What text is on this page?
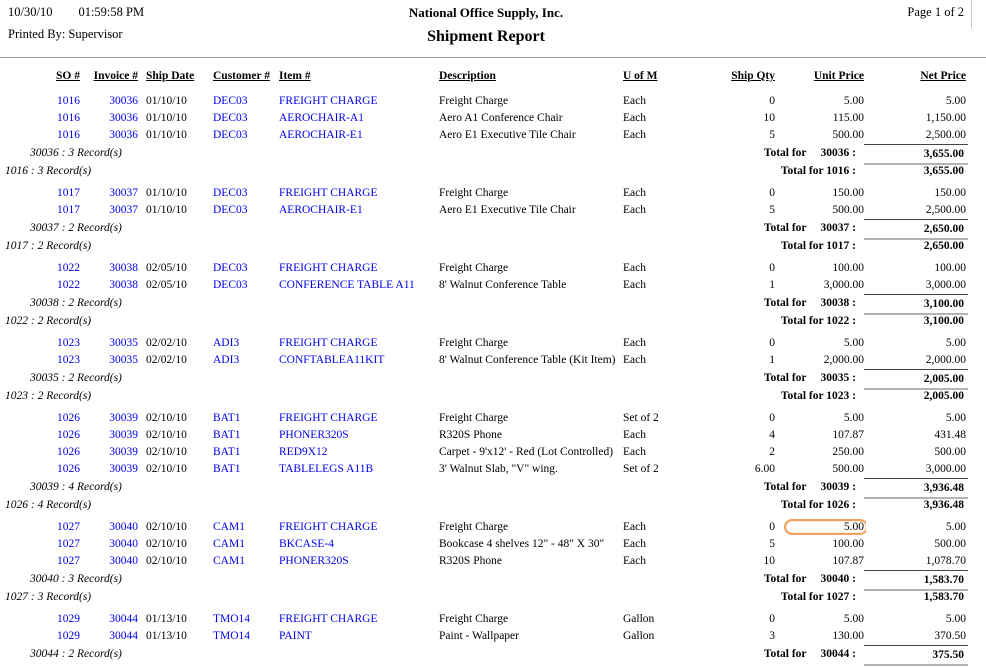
10/30/10 01:59:58 PM
Printed By: Supervisor
National Office Supply, Inc.
Shipment Report
Page 1 of 2
SO #	Invoice # Ship Date	Customer # Item #	Description	U of M	Ship Qty	Unit Price	Net Price
1016	30036 01/10/10	DEC03	FREIGHT CHARGE	Freight Charge	Each	0	5.00	5.00
1016	30036 01/10/10	DEC03	AEROCHAIR-A1	Aero A1 Conference Chair	Each	10	115.00	1,150.00
1016	30036 01/10/10	DEC03	AEROCHAIR-E1	Aero E1 Executive Tile Chair	Each	5	500.00	2,500.00
30036 : 3 Record(s)	Total for 30036 :	3,655.00
1016 : 3 Record(s)	Total for 1016 :	3,655.00
1017	30037 01/10/10	DEC03	FREIGHT CHARGE	Freight Charge	Each	0	150.00	150.00
1017	30037 01/10/10	DEC03	AEROCHAIR-E1	Aero E1 Executive Tile Chair	Each	5	500.00	2,500.00
30037 : 2 Record(s)	Total for 30037 :	2,650.00
1017 : 2 Record(s)	Total for 1017 :	2,650.00
1022	30038 02/05/10	DEC03	FREIGHT CHARGE	Freight Charge	Each	0	100.00	100.00
1022	30038 02/05/10	DEC03	CONFERENCE TABLE A11	8' Walnut Conference Table	Each	1	3,000.00	3,000.00
30038 : 2 Record(s)	Total for 30038 :	3,100.00
1022 : 2 Record(s)	Total for 1022 :	3,100.00
1023	30035 02/02/10	ADI3	FREIGHT CHARGE	Freight Charge	Each	0	5.00	5.00
1023	30035 02/02/10	ADI3	CONFTABLEA11KIT	8' Walnut Conference Table (Kit Item) Each	1	2,000.00	2,000.00
30035 : 2 Record(s)	Total for 30035 :	2,005.00
1023 : 2 Record(s)	Total for 1023 :	2,005.00
1026	30039 02/10/10	BAT1	FREIGHT CHARGE	Freight Charge	Set of 2	0	5.00	5.00
1026	30039 02/10/10	BAT1	PHONER320S	R320S Phone	Each	4	107.87	431.48
1026	30039 02/10/10	BAT1	RED9X12	Carpet - 9'x12' - Red (Lot Controlled) Each	2	250.00	500.00
1026	30039 02/10/10	BAT1	TABLELEGS A11B	3' Walnut Slab, "V" wing.	Set of 2	6.00	500.00	3,000.00
30039 : 4 Record(s)	Total for 30039 :	3,936.48
1026 : 4 Record(s)	Total for 1026 :	3,936.48
1027	30040 02/10/10	CAM1	FREIGHT CHARGE	Freight Charge	Each	0	5.00	5.00
1027	30040 02/10/10	CAM1	BKCASE-4	Bookcase 4 shelves 12" - 48" X 30"	Each	5	100.00	500.00
1027	30040 02/10/10	CAM1	PHONER320S	R320S Phone	Each	10	107.87	1,078.70
30040 : 3 Record(s)	Total for 30040 :	1,583.70
1027 : 3 Record(s)	Total for 1027 :	1,583.70
1029	30044 01/13/10	TMO14	FREIGHT CHARGE	Freight Charge	Gallon	0	5.00	5.00
1029	30044 01/13/10	TMO14	PAINT	Paint - Wallpaper	Gallon	3	130.00	370.50
30044 : 2 Record(s)	Total for 30044 :	375.50
